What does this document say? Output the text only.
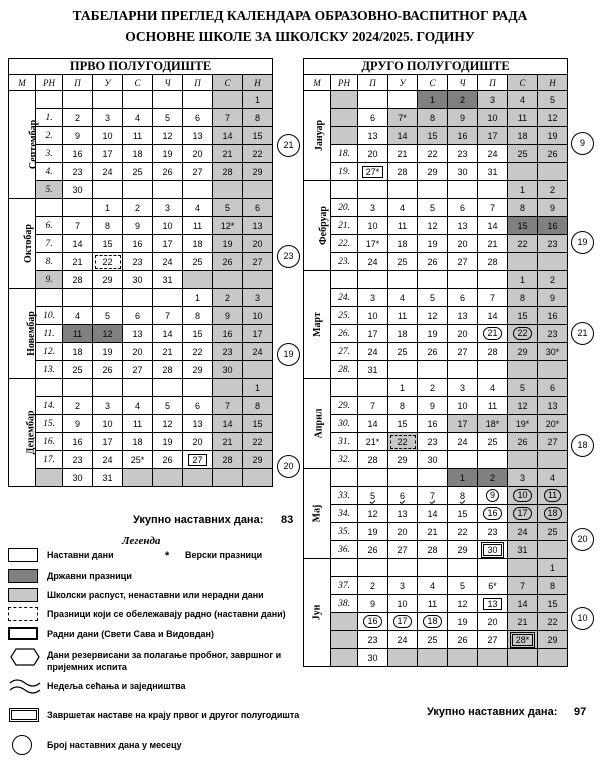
ТАБЕЛАРНИ ПРЕГЛЕД КАЛЕНДАРА ОБРАЗОВНО-ВАСПИТНОГ РАДА
ОСНОВНЕ ШКОЛЕ ЗА ШКОЛСКУ 2024/2025. ГОДИНУ
ПРВО ПОЛУГОДИШТЕ								
М	РН	П	У	С	Ч	П	С	Н
Септембар								1
	1.	2	3	4	5	6	7	8
	2.	9	10	11	12	13	14	15
	3.	16	17	18	19	20	21	22
	4.	23	24	25	26	27	28	29
	5.	30						
Октобар			1	2	3	4	5	6
	6.	7	8	9	10	11	12*	13
	7.	14	15	16	17	18	19	20
	8.	21	22	23	24	25	26	27
	9.	28	29	30	31			
Новембар						1	2	3
	10.	4	5	6	7	8	9	10
	11.	11	12	13	14	15	16	17
	12.	18	19	20	21	22	23	24
	13.	25	26	27	28	29	30	
Децембар								1
	14.	2	3	4	5	6	7	8
	15.	9	10	11	12	13	14	15
	16.	16	17	18	19	20	21	22
	17.	23	24	25*	26	27	28	29
		30	31					
ДРУГО ПОЛУГОДИШТЕ								
М	РН	П	У	С	Ч	П	С	Н
Јануар				1	2	3	4	5
		6	7*	8	9	10	11	12
		13	14	15	16	17	18	19
	18.	20	21	22	23	24	25	26
	19.	27*	28	29	30	31		
Фебруар							1	2
	20.	3	4	5	6	7	8	9
	21.	10	11	12	13	14	15	16
	22.	17*	18	19	20	21	22	23
	23.	24	25	26	27	28		
Март							1	2
	24.	3	4	5	6	7	8	9
	25.	10	11	12	13	14	15	16
	26.	17	18	19	20	21	22	23
	27.	24	25	26	27	28	29	30*
	28.	31						
Април			1	2	3	4	5	6
	29.	7	8	9	10	11	12	13
	30.	14	15	16	17	18*	19*	20*
	31.	21*	22	23	24	25	26	27
	32.	28	29	30				
Мај					1	2	3	4
	33.	5	6	7	8	9	10	11
	34.	12	13	14	15	16	17	18
	35.	19	20	21	22	23	24	25
	36.	26	27	28	29	30	31	
Јун								1
	37.	2	3	4	5	6*	7	8
	38.	9	10	11	12	13	14	15
		16	17	18	19	20	21	22
		23	24	25	26	27	28*	29
		30						
21
23
19
20
9
19
21
18
20
10
Укупно наставних дана: 83
Укупно наставних дана: 97
Легенда
Наставни дани	* Верски празници
Државни празници
Школски распуст, ненаставни или нерадни дани
Празници који се обележавају радно (наставни дани)
Радни дани (Свети Сава и Видовдан)
Дани резервисани за полагање пробног, завршног и пријемних испита
Недеља сећања и заједништва
Завршетак наставе на крају првог и другог полугодишта
Број наставних дана у месецу
